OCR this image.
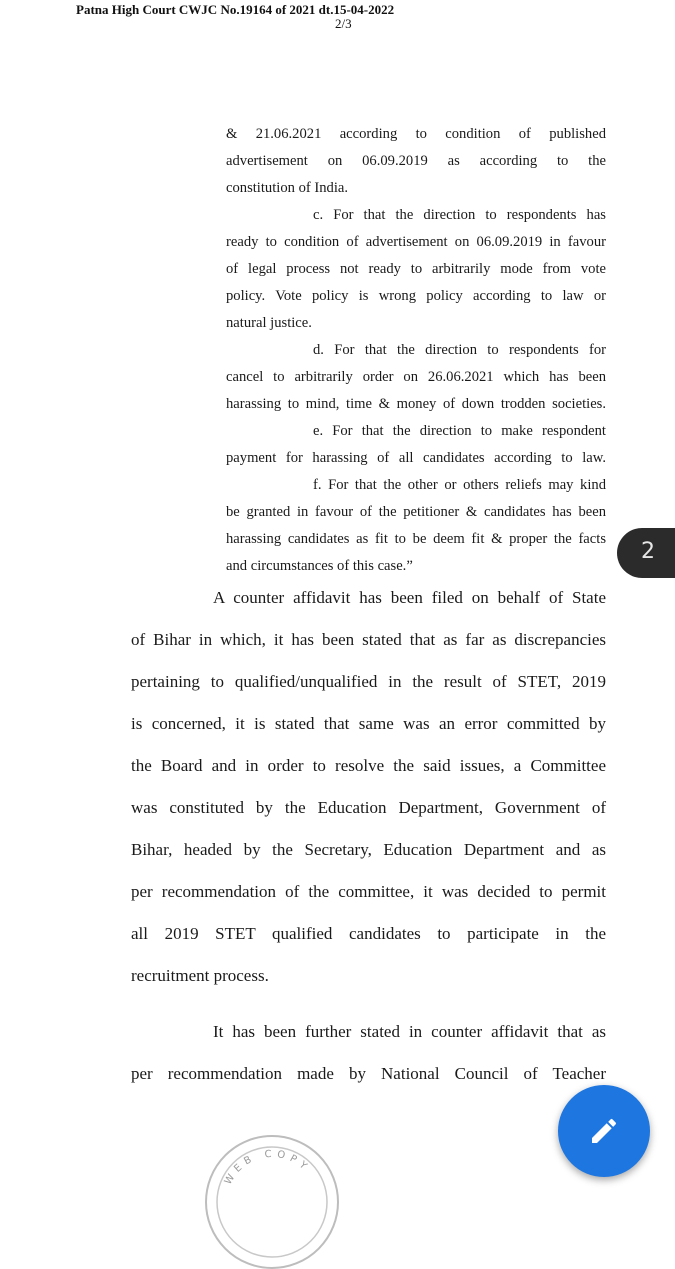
Patna High Court CWJC No.19164 of 2021 dt.15-04-2022
2/3
& 21.06.2021 according to condition of published
advertisement on 06.09.2019 as according to the
constitution of India.
c. For that the direction to respondents has
ready to condition of advertisement on 06.09.2019 in favour
of legal process not ready to arbitrarily mode from vote
policy. Vote policy is wrong policy according to law or
natural justice.
d. For that the direction to respondents for
cancel to arbitrarily order on 26.06.2021 which has been
harassing to mind, time & money of down trodden societies.
e. For that the direction to make respondent
payment for harassing of all candidates according to law.
f. For that the other or others reliefs may kind
be granted in favour of the petitioner & candidates has been
harassing candidates as fit to be deem fit & proper the facts
and circumstances of this case.”
A counter affidavit has been filed on behalf of State
of Bihar in which, it has been stated that as far as discrepancies
pertaining to qualified/unqualified in the result of STET, 2019
is concerned, it is stated that same was an error committed by
the Board and in order to resolve the said issues, a Committee
was constituted by the Education Department, Government of
Bihar, headed by the Secretary, Education Department and as
per recommendation of the committee, it was decided to permit
all 2019 STET qualified candidates to participate in the
recruitment process.
It has been further stated in counter affidavit that as
per recommendation made by National Council of Teacher
2
WEB COPY
